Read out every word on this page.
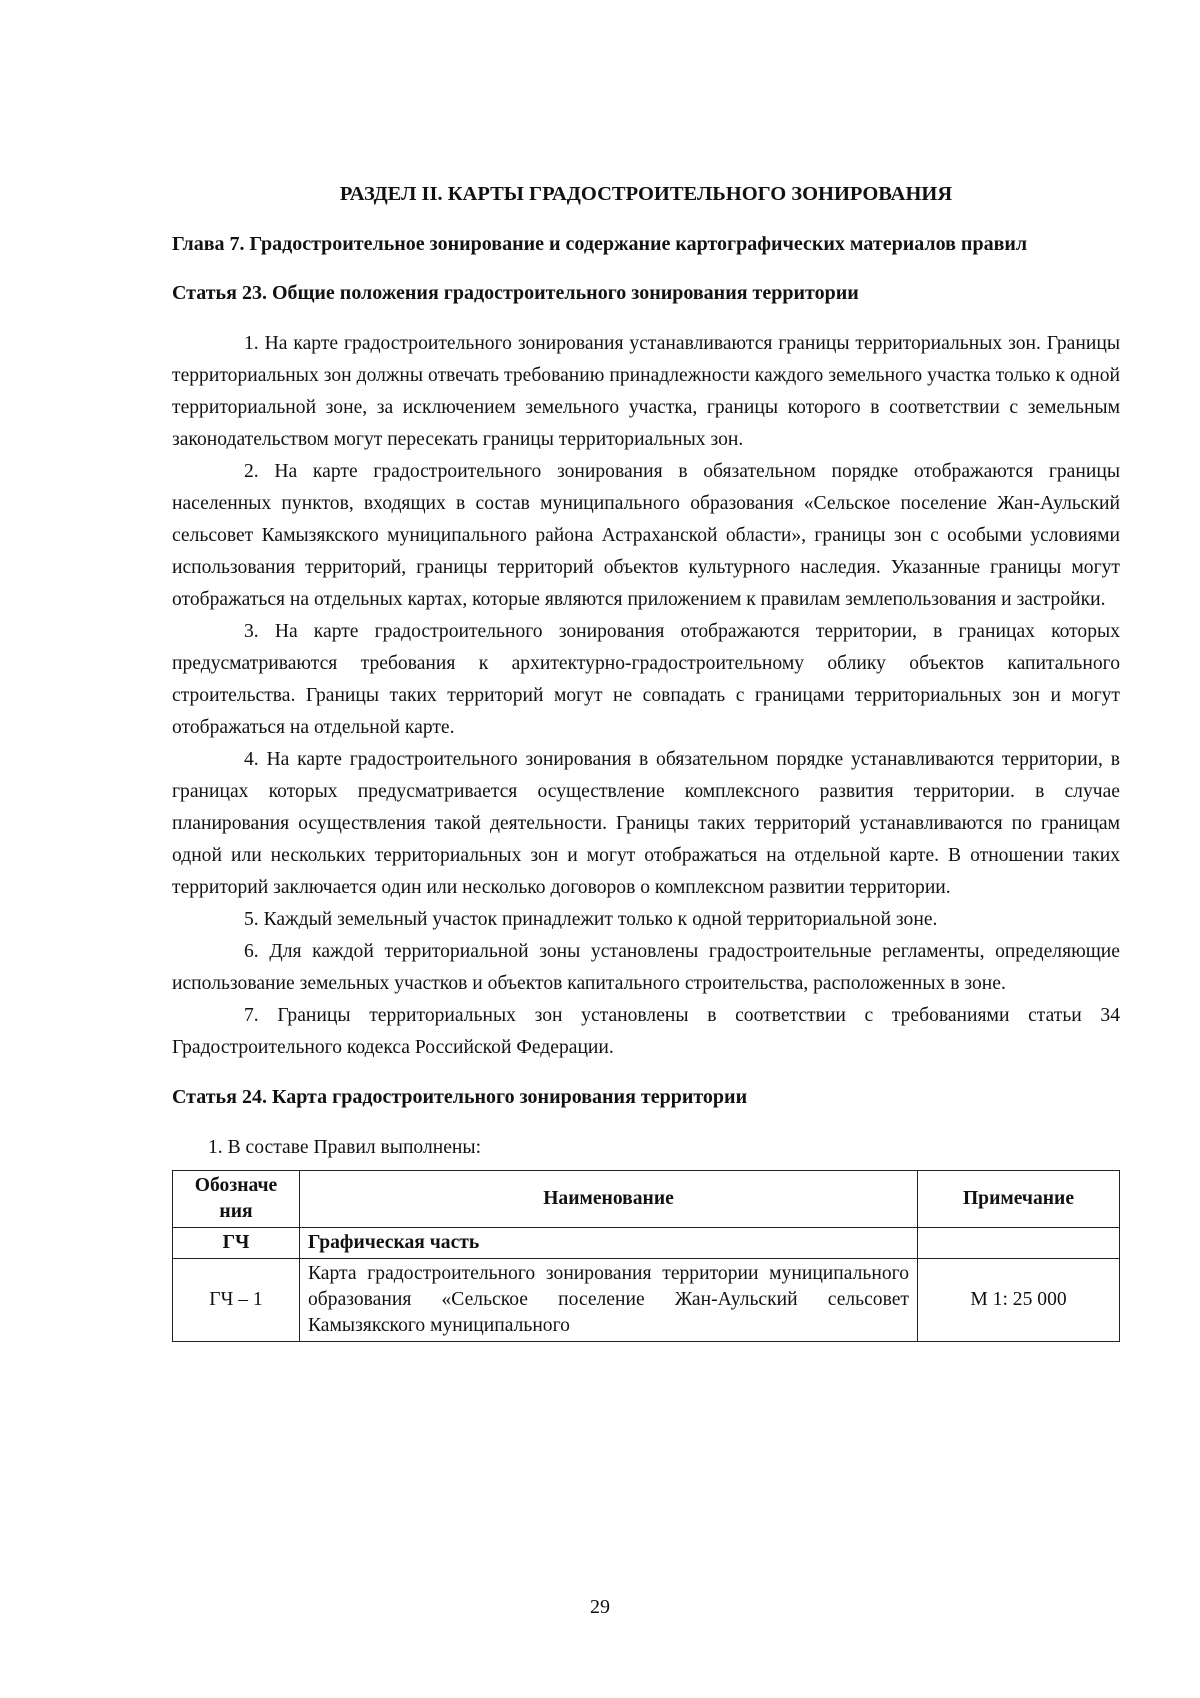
РАЗДЕЛ II. КАРТЫ ГРАДОСТРОИТЕЛЬНОГО ЗОНИРОВАНИЯ
Глава 7. Градостроительное зонирование и содержание картографических материалов правил
Статья 23. Общие положения градостроительного зонирования территории

1. На карте градостроительного зонирования устанавливаются границы территориальных зон. Границы территориальных зон должны отвечать требованию принадлежности каждого земельного участка только к одной территориальной зоне, за исключением земельного участка, границы которого в соответствии с земельным законодательством могут пересекать границы территориальных зон.

2. На карте градостроительного зонирования в обязательном порядке отображаются границы населенных пунктов, входящих в состав муниципального образования «Сельское поселение Жан-Аульский сельсовет Камызякского муниципального района Астраханской области», границы зон с особыми условиями использования территорий, границы территорий объектов культурного наследия. Указанные границы могут отображаться на отдельных картах, которые являются приложением к правилам землепользования и застройки.

3. На карте градостроительного зонирования отображаются территории, в границах которых предусматриваются требования к архитектурно-градостроительному облику объектов капитального строительства. Границы таких территорий могут не совпадать с границами территориальных зон и могут отображаться на отдельной карте.

4. На карте градостроительного зонирования в обязательном порядке устанавливаются территории, в границах которых предусматривается осуществление комплексного развития территории. в случае планирования осуществления такой деятельности. Границы таких территорий устанавливаются по границам одной или нескольких территориальных зон и могут отображаться на отдельной карте. В отношении таких территорий заключается один или несколько договоров о комплексном развитии территории.

5. Каждый земельный участок принадлежит только к одной территориальной зоне.

6. Для каждой территориальной зоны установлены градостроительные регламенты, определяющие использование земельных участков и объектов капитального строительства, расположенных в зоне.

7. Границы территориальных зон установлены в соответствии с требованиями статьи 34 Градостроительного кодекса Российской Федерации.

Статья 24. Карта градостроительного зонирования территории

1. В составе Правил выполнены:

Обозначе ния	Наименование	Примечание
ГЧ	Графическая часть	
ГЧ – 1	Карта градостроительного зонирования территории муниципального образования «Сельское поселение Жан-Аульский сельсовет Камызякского муниципального	М 1: 25 000
29
